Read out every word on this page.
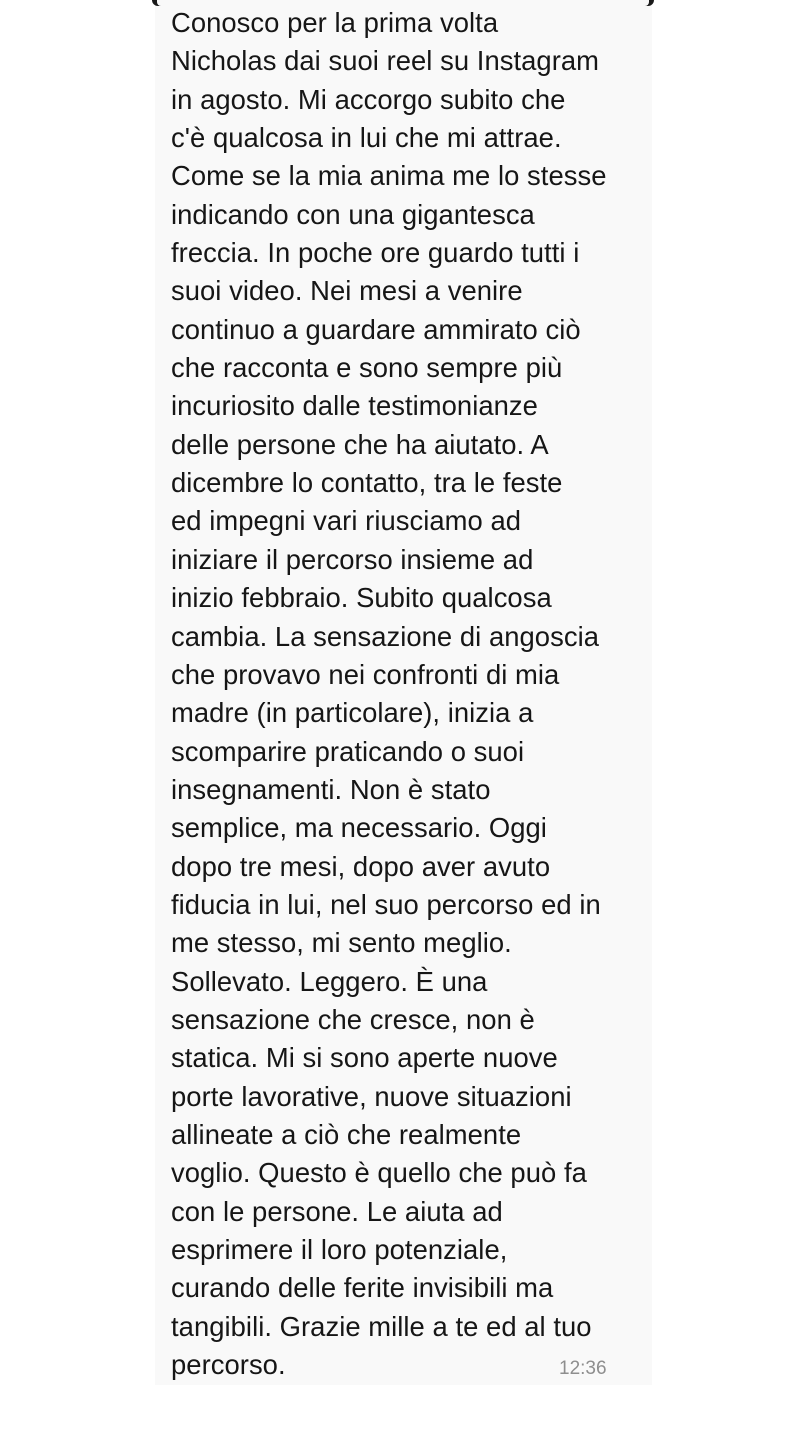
Conosco per la prima volta
Nicholas dai suoi reel su Instagram
in agosto. Mi accorgo subito che
c'è qualcosa in lui che mi attrae.
Come se la mia anima me lo stesse
indicando con una gigantesca
freccia. In poche ore guardo tutti i
suoi video. Nei mesi a venire
continuo a guardare ammirato ciò
che racconta e sono sempre più
incuriosito dalle testimonianze
delle persone che ha aiutato. A
dicembre lo contatto, tra le feste
ed impegni vari riusciamo ad
iniziare il percorso insieme ad
inizio febbraio. Subito qualcosa
cambia. La sensazione di angoscia
che provavo nei confronti di mia
madre (in particolare), inizia a
scomparire praticando o suoi
insegnamenti. Non è stato
semplice, ma necessario. Oggi
dopo tre mesi, dopo aver avuto
fiducia in lui, nel suo percorso ed in
me stesso, mi sento meglio.
Sollevato. Leggero. È una
sensazione che cresce, non è
statica. Mi si sono aperte nuove
porte lavorative, nuove situazioni
allineate a ciò che realmente
voglio. Questo è quello che può fa
con le persone. Le aiuta ad
esprimere il loro potenziale,
curando delle ferite invisibili ma
tangibili. Grazie mille a te ed al tuo
percorso.	12:36
